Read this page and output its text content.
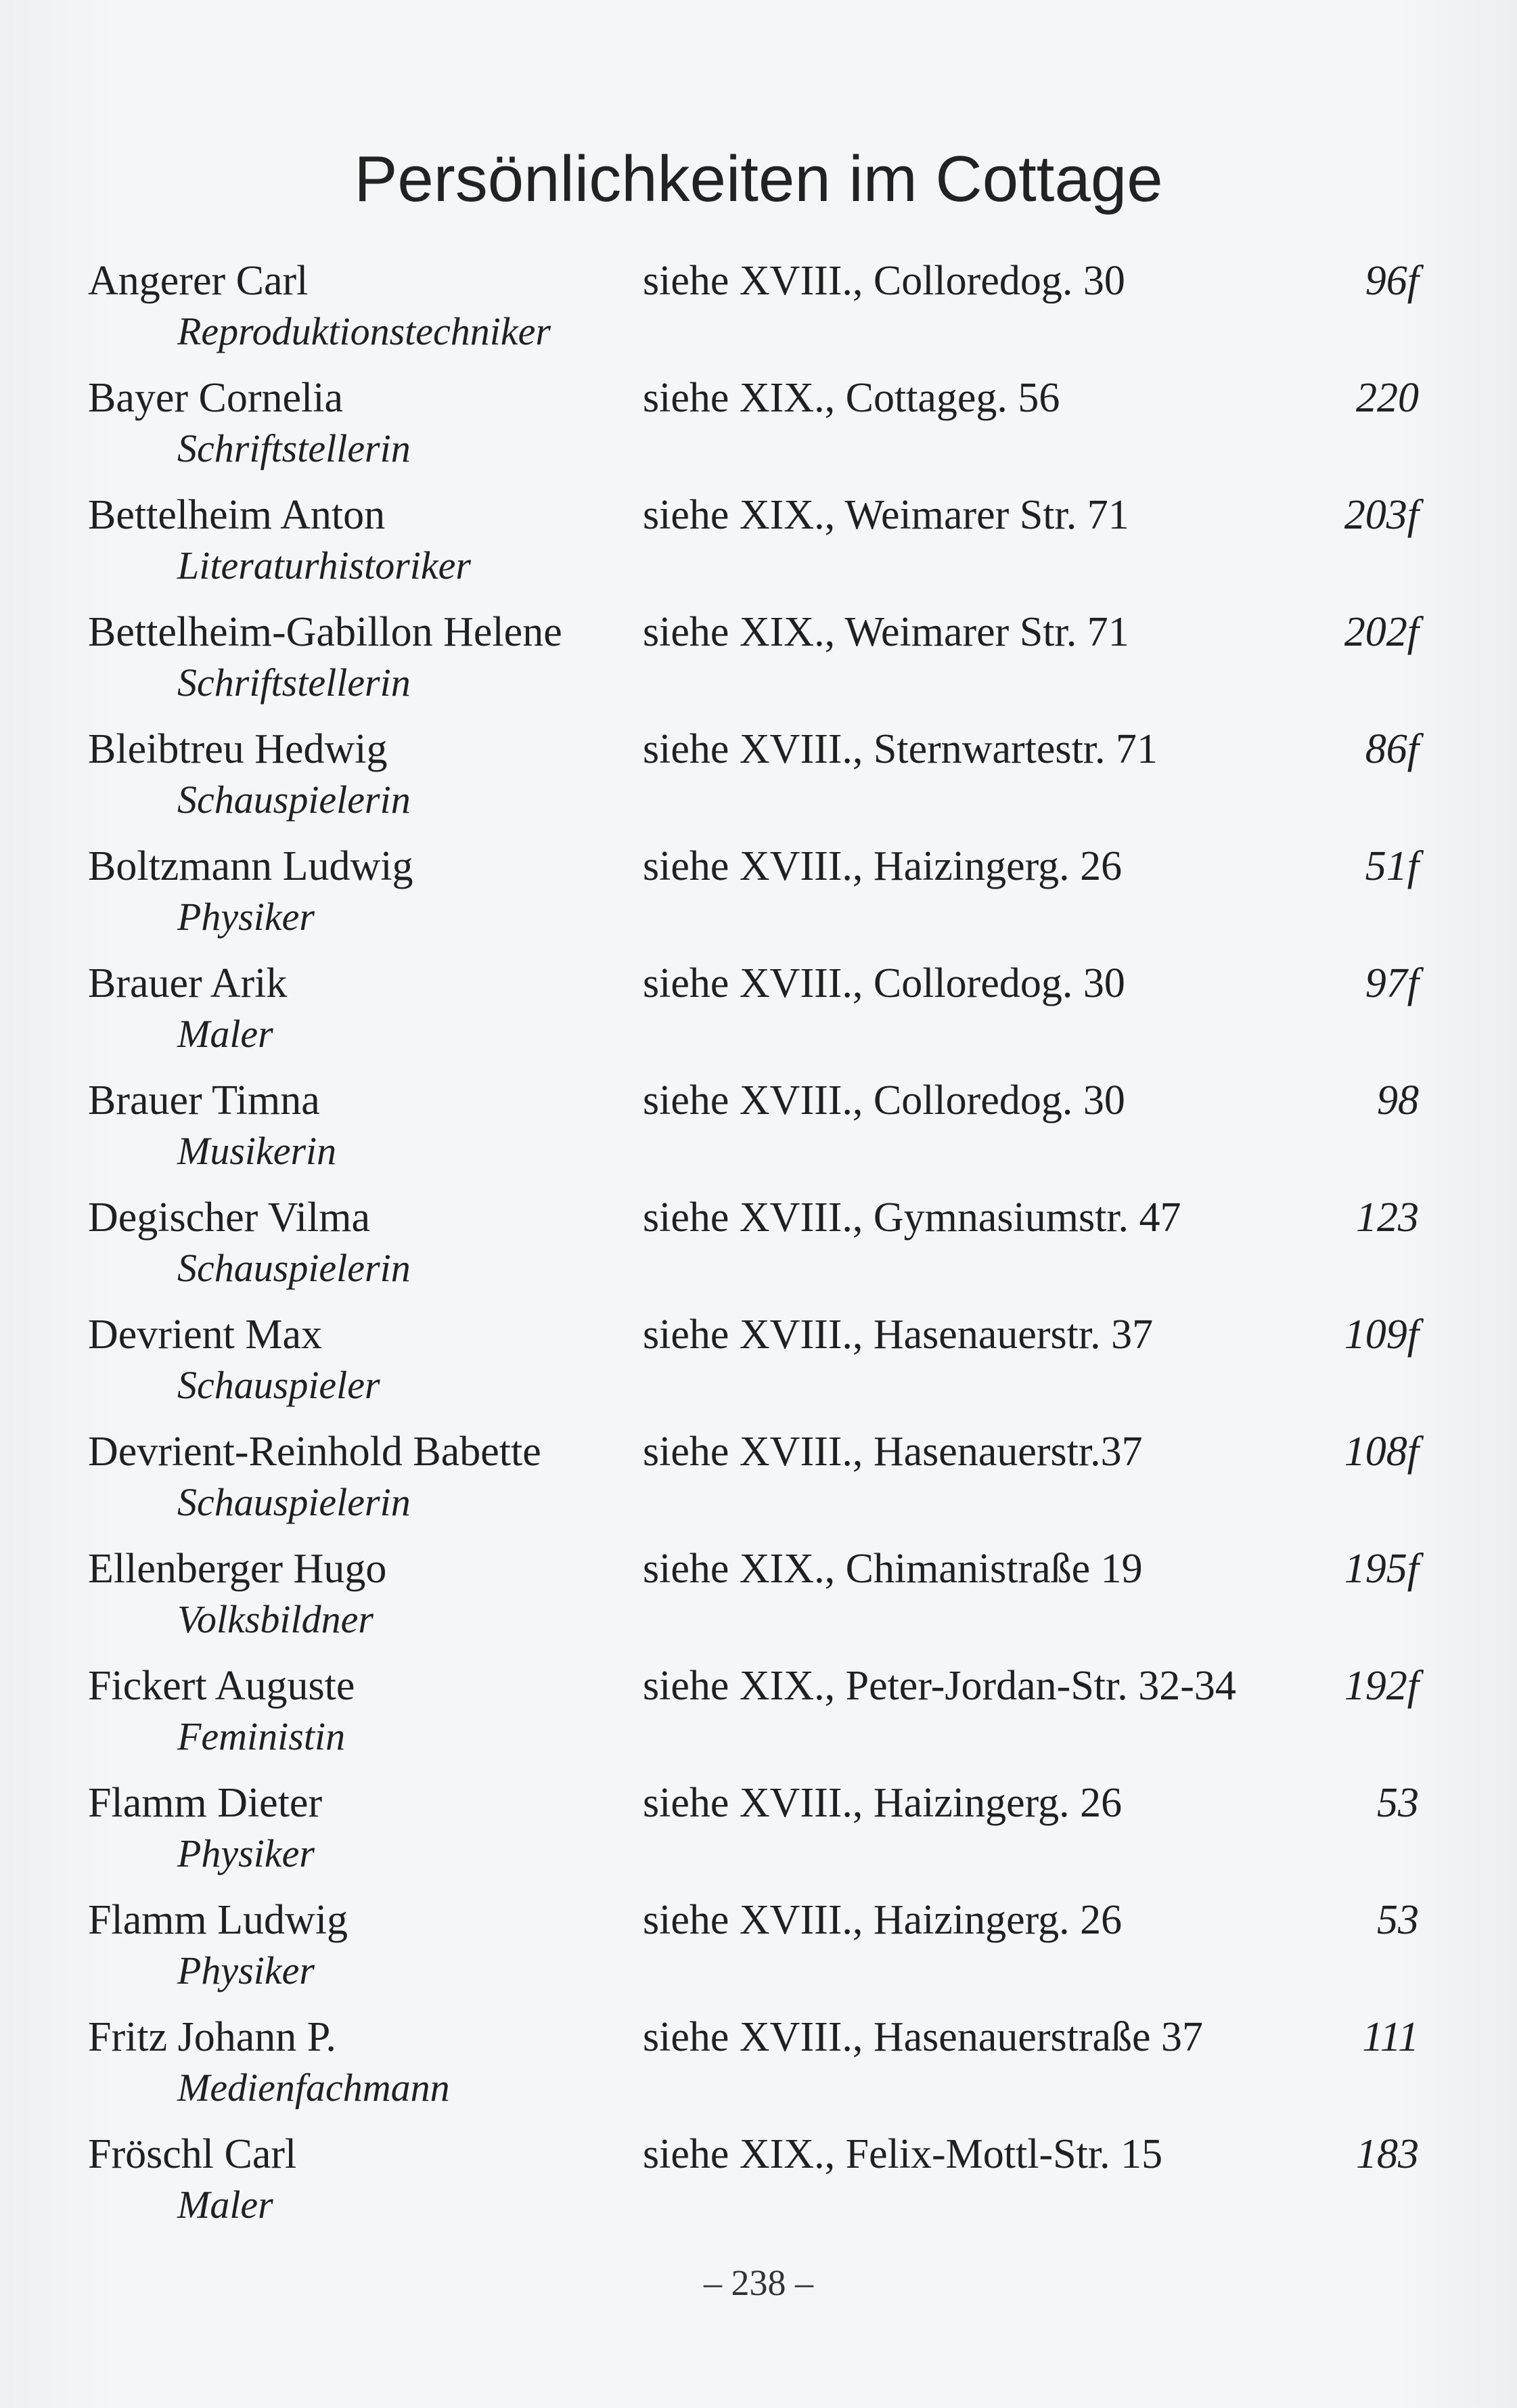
Persönlichkeiten im Cottage
Angerer Carl
Reproduktionstechniker
siehe XVIII., Colloredog. 30	96f
Bayer Cornelia
Schriftstellerin
siehe XIX., Cottageg. 56	220
Bettelheim Anton
Literaturhistoriker
siehe XIX., Weimarer Str. 71	203f
Bettelheim-Gabillon Helene
Schriftstellerin
siehe XIX., Weimarer Str. 71	202f
Bleibtreu Hedwig
Schauspielerin
siehe XVIII., Sternwartestr. 71	86f
Boltzmann Ludwig
Physiker
siehe XVIII., Haizingerg. 26	51f
Brauer Arik
Maler
siehe XVIII., Colloredog. 30	97f
Brauer Timna
Musikerin
siehe XVIII., Colloredog. 30	98
Degischer Vilma
Schauspielerin
siehe XVIII., Gymnasiumstr. 47	123
Devrient Max
Schauspieler
siehe XVIII., Hasenauerstr. 37	109f
Devrient-Reinhold Babette
Schauspielerin
siehe XVIII., Hasenauerstr.37	108f
Ellenberger Hugo
Volksbildner
siehe XIX., Chimanistraße 19	195f
Fickert Auguste
Feministin
siehe XIX., Peter-Jordan-Str. 32-34	192f
Flamm Dieter
Physiker
siehe XVIII., Haizingerg. 26	53
Flamm Ludwig
Physiker
siehe XVIII., Haizingerg. 26	53
Fritz Johann P.
Medienfachmann
siehe XVIII., Hasenauerstraße 37	111
Fröschl Carl
Maler
siehe XIX., Felix-Mottl-Str. 15	183
– 238 –
